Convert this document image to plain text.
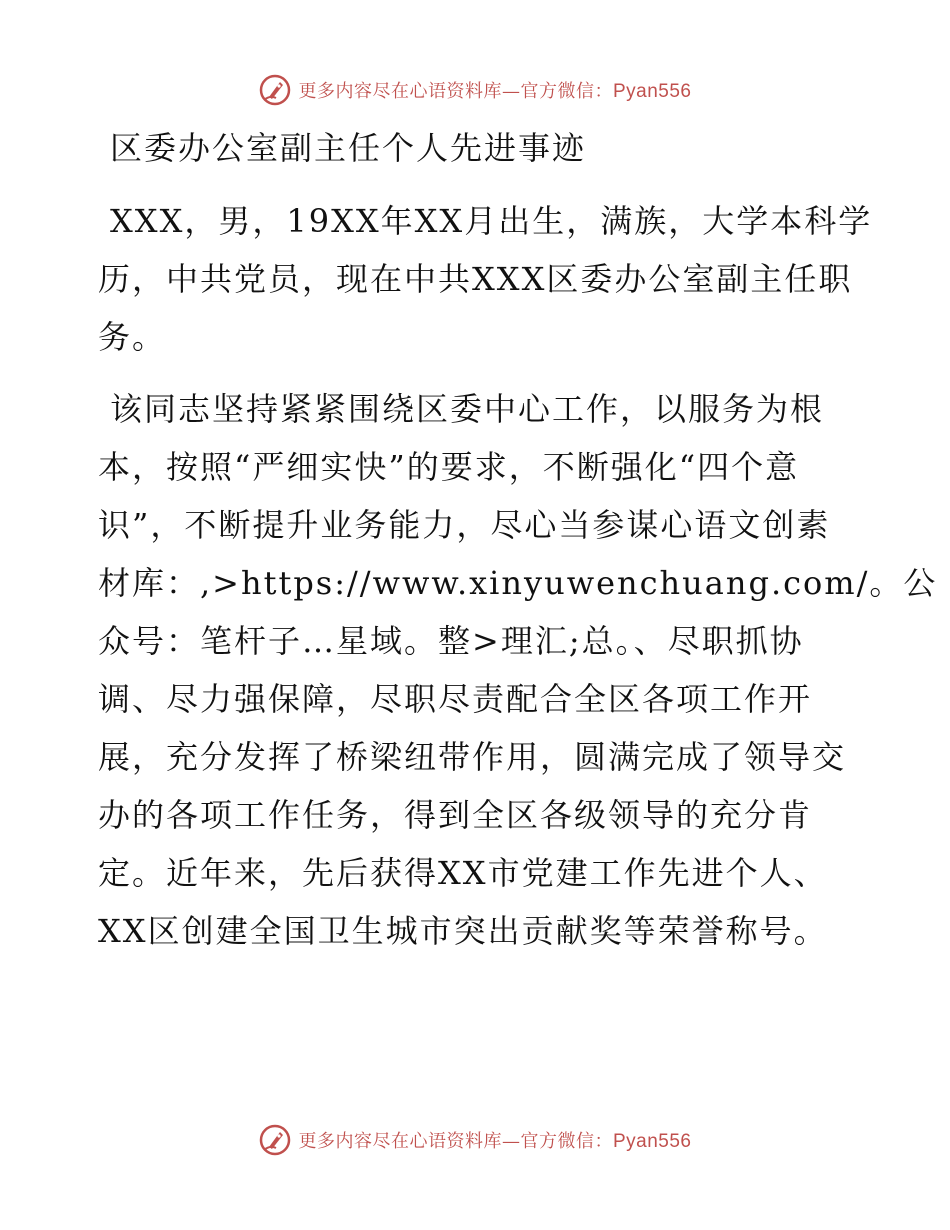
更多内容尽在心语资料库—官方微信：Pyan556
区委办公室副主任个人先进事迹

XXX，男，19XX年XX月出生，满族，大学本科学
历，中共党员，现在中共XXX区委办公室副主任职
务。

该同志坚持紧紧围绕区委中心工作，以服务为根
本，按照“严细实快”的要求，不断强化“四个意
识”，不断提升业务能力，尽心当参谋心语文创素
材库：,>https://www.xinyuwenchuang.com/。公
众号：笔杆子…星域。整>理汇;总。、尽职抓协
调、尽力强保障，尽职尽责配合全区各项工作开
展，充分发挥了桥梁纽带作用，圆满完成了领导交
办的各项工作任务，得到全区各级领导的充分肯
定。近年来，先后获得XX市党建工作先进个人、
XX区创建全国卫生城市突出贡献奖等荣誉称号。

更多内容尽在心语资料库—官方微信：Pyan556
